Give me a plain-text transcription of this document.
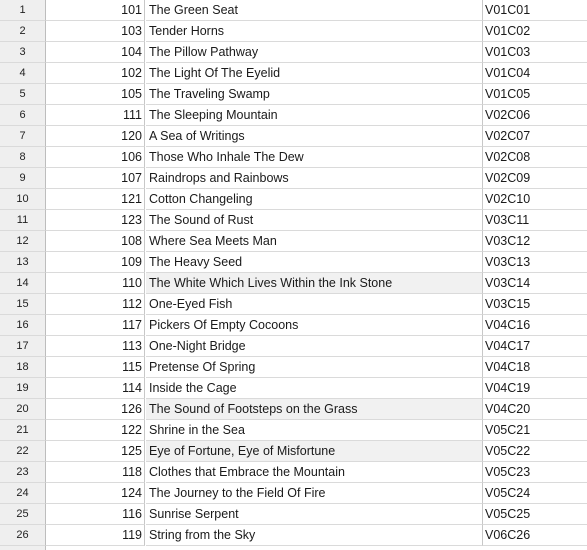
1	101 The Green Seat	V01C01
2	103 Tender Horns	V01C02
3	104 The Pillow Pathway	V01C03
4	102 The Light Of The Eyelid	V01C04
5	105 The Traveling Swamp	V01C05
6	111 The Sleeping Mountain	V02C06
7	120 A Sea of Writings	V02C07
8	106 Those Who Inhale The Dew	V02C08
9	107 Raindrops and Rainbows	V02C09
10	121 Cotton Changeling	V02C10
11	123 The Sound of Rust	V03C11
12	108 Where Sea Meets Man	V03C12
13	109 The Heavy Seed	V03C13
14	110 The White Which Lives Within the Ink Stone	V03C14
15	112 One-Eyed Fish	V03C15
16	117 Pickers Of Empty Cocoons	V04C16
17	113 One-Night Bridge	V04C17
18	115 Pretense Of Spring	V04C18
19	114 Inside the Cage	V04C19
20	126 The Sound of Footsteps on the Grass	V04C20
21	122 Shrine in the Sea	V05C21
22	125 Eye of Fortune, Eye of Misfortune	V05C22
23	118 Clothes that Embrace the Mountain	V05C23
24	124 The Journey to the Field Of Fire	V05C24
25	116 Sunrise Serpent	V05C25
26	119 String from the Sky	V06C26
